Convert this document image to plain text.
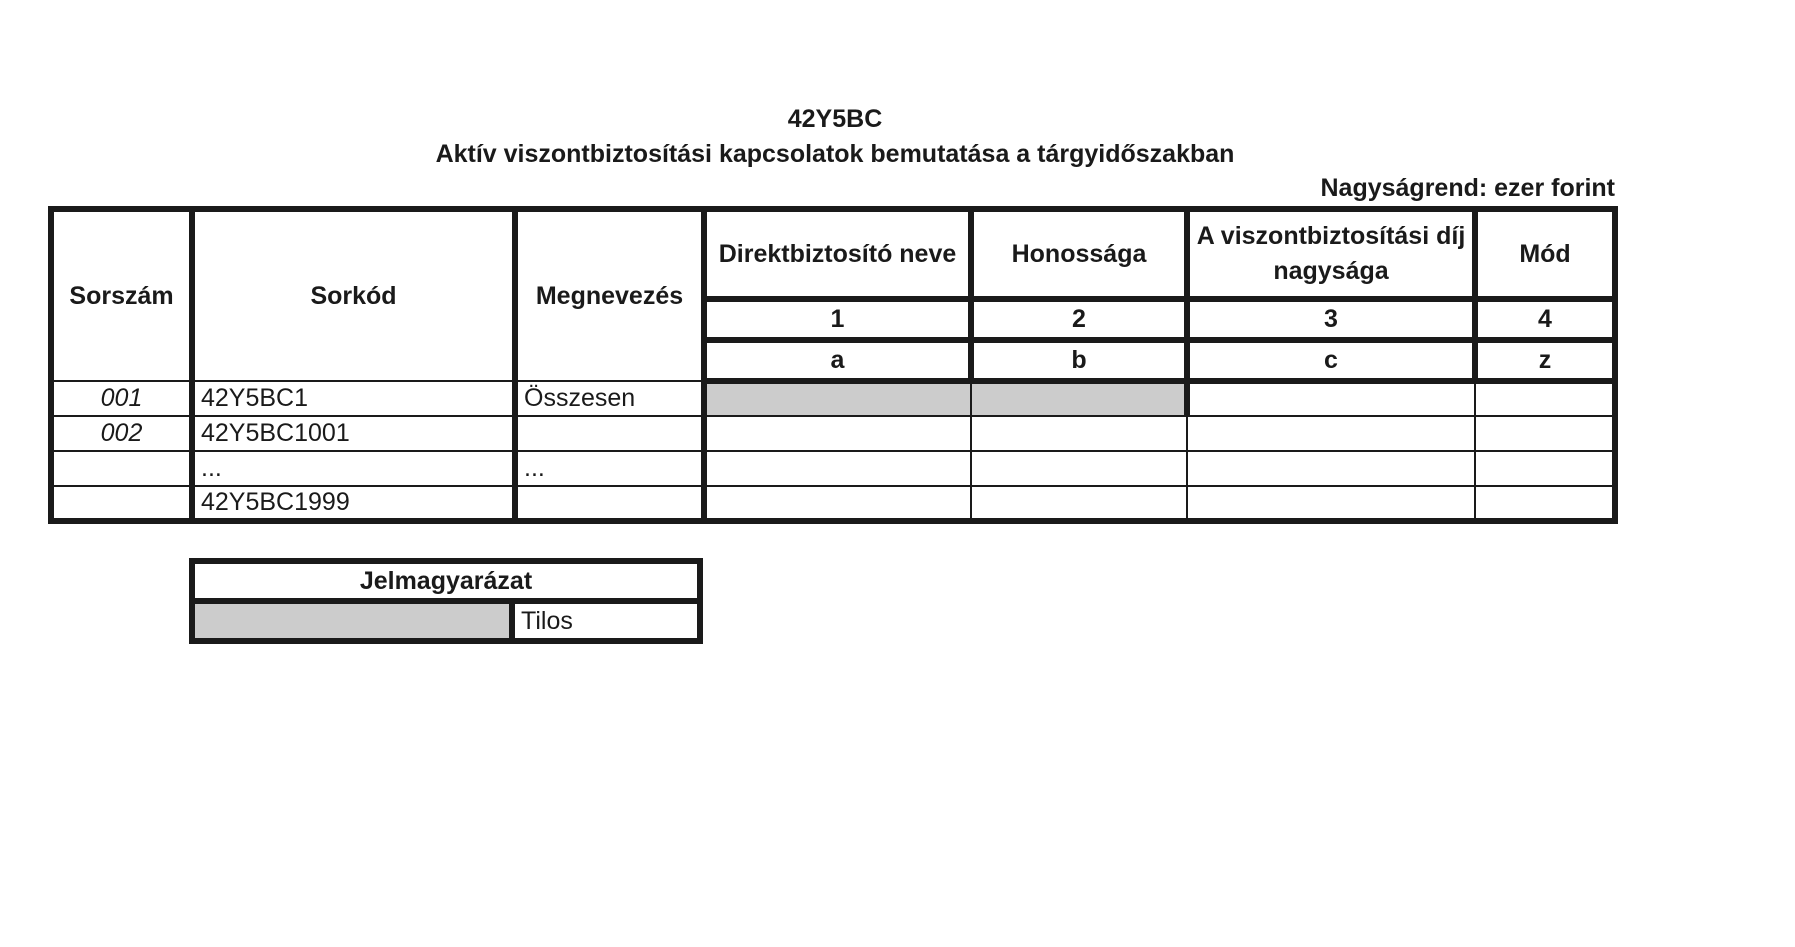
42Y5BC
Aktív viszontbiztosítási kapcsolatok bemutatása a tárgyidőszakban
Nagyságrend: ezer forint
Sorszám	Sorkód	Megnevezés	Direktbiztosító neve	Honossága	A viszontbiztosítási díj nagysága	Mód
			1	2	3	4
			a	b	c	z
001	42Y5BC1	Összesen				
002	42Y5BC1001					
	...	...				
	42Y5BC1999					
Jelmagyarázat
	Tilos
